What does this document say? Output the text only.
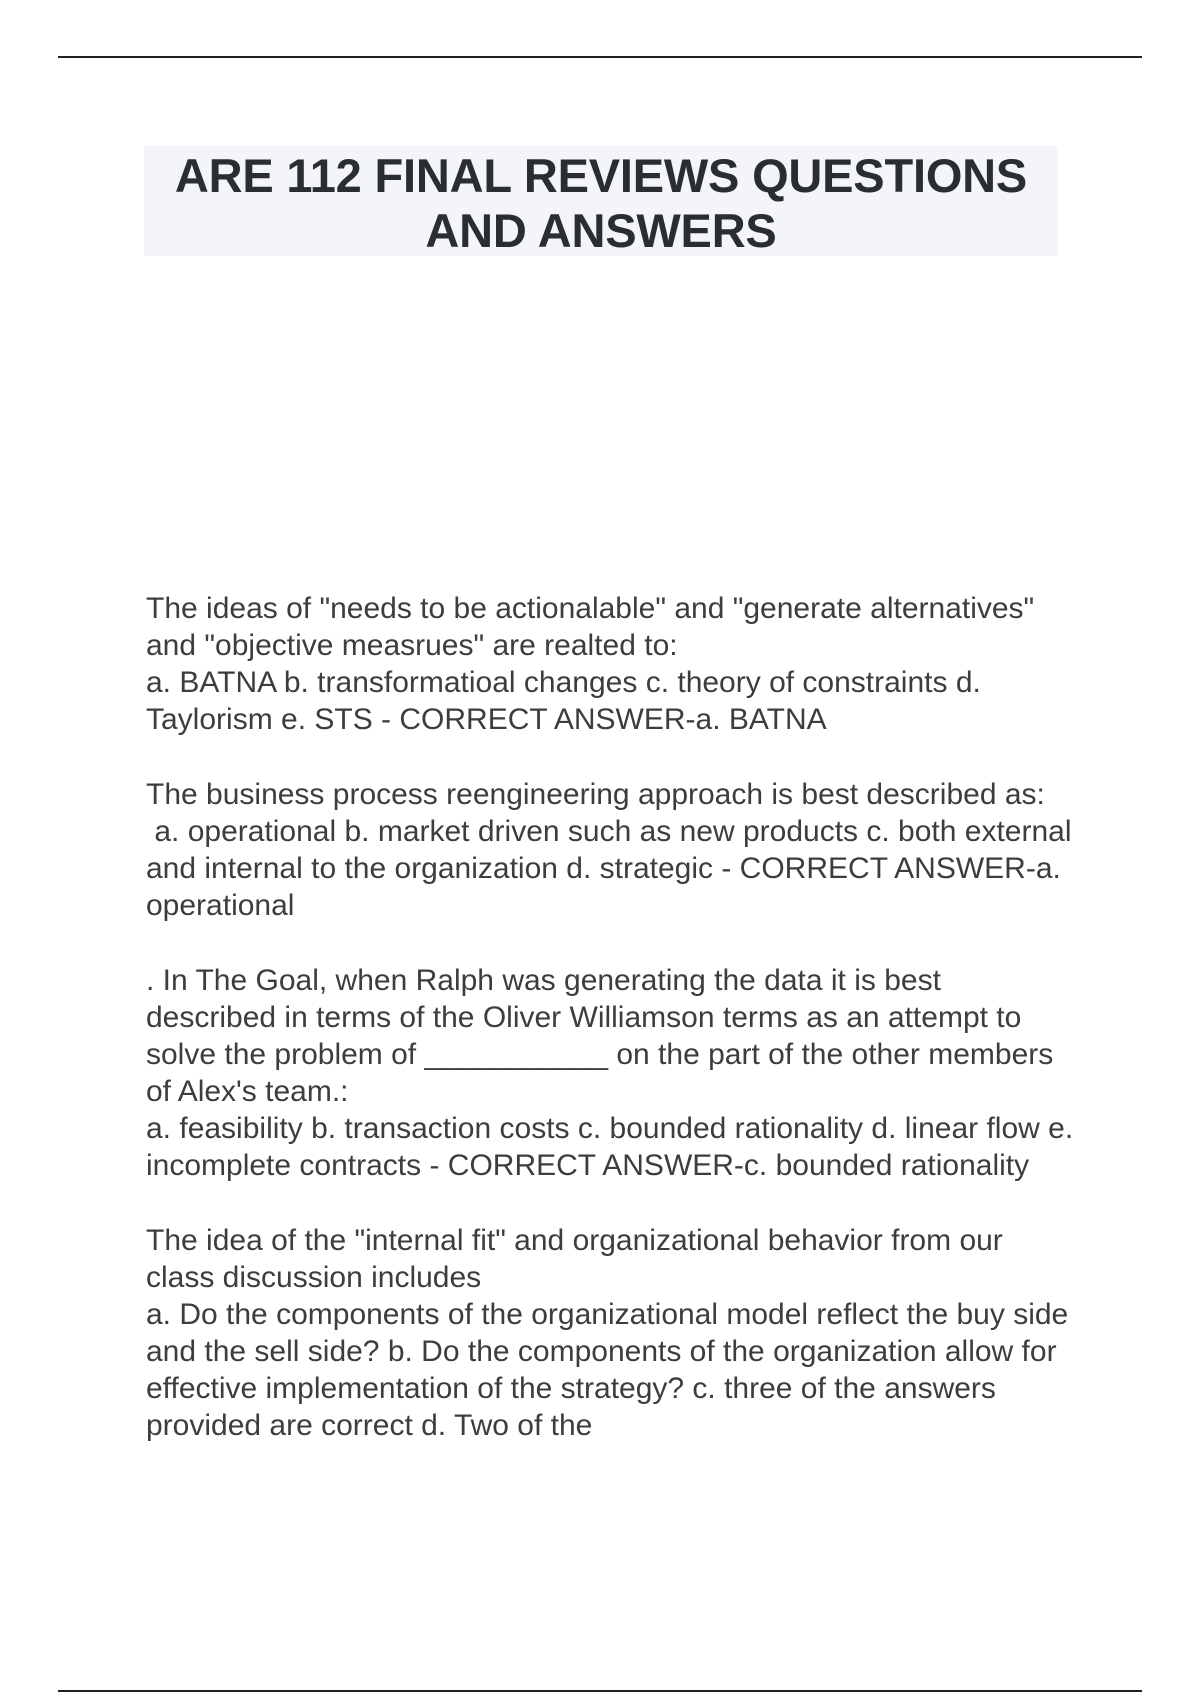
ARE 112 FINAL REVIEWS QUESTIONS
AND ANSWERS

The ideas of "needs to be actionalable" and "generate alternatives" and "objective measrues" are realted to:

a. BATNA b. transformatioal changes c. theory of constraints d. Taylorism e. STS - CORRECT ANSWER-a. BATNA

The business process reengineering approach is best described as:

a. operational b. market driven such as new products c. both external and internal to the organization d. strategic - CORRECT ANSWER-a. operational

. In The Goal, when Ralph was generating the data it is best described in terms of the Oliver Williamson terms as an attempt to solve the problem of ___________ on the part of the other members of Alex's team.:

a. feasibility b. transaction costs c. bounded rationality d. linear flow e. incomplete contracts - CORRECT ANSWER-c. bounded rationality

The idea of the "internal fit" and organizational behavior from our class discussion includes

a. Do the components of the organizational model reflect the buy side and the sell side? b. Do the components of the organization allow for effective implementation of the strategy? c. three of the answers provided are correct d. Two of the
